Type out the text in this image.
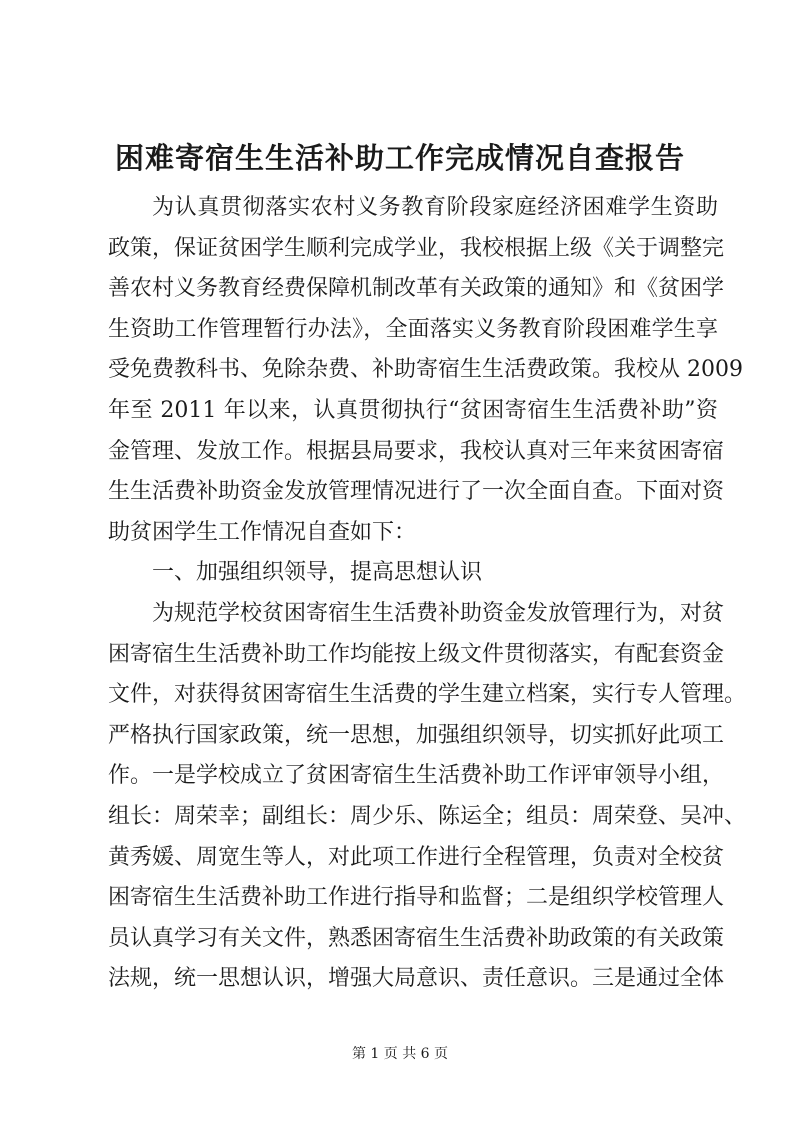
困难寄宿生生活补助工作完成情况自查报告
为认真贯彻落实农村义务教育阶段家庭经济困难学生资助
政策，保证贫困学生顺利完成学业，我校根据上级《关于调整完
善农村义务教育经费保障机制改革有关政策的通知》和《贫困学
生资助工作管理暂行办法》，全面落实义务教育阶段困难学生享
受免费教科书、免除杂费、补助寄宿生生活费政策。我校从 2009
年至 2011 年以来，认真贯彻执行“贫困寄宿生生活费补助”资
金管理、发放工作。根据县局要求，我校认真对三年来贫困寄宿
生生活费补助资金发放管理情况进行了一次全面自查。下面对资
助贫困学生工作情况自查如下：
一、加强组织领导，提高思想认识
为规范学校贫困寄宿生生活费补助资金发放管理行为，对贫
困寄宿生生活费补助工作均能按上级文件贯彻落实，有配套资金
文件，对获得贫困寄宿生生活费的学生建立档案，实行专人管理。
严格执行国家政策，统一思想，加强组织领导，切实抓好此项工
作。一是学校成立了贫困寄宿生生活费补助工作评审领导小组，
组长：周荣幸；副组长：周少乐、陈运全；组员：周荣登、吴冲、
黄秀媛、周宽生等人，对此项工作进行全程管理，负责对全校贫
困寄宿生生活费补助工作进行指导和监督；二是组织学校管理人
员认真学习有关文件，熟悉困寄宿生生活费补助政策的有关政策
法规，统一思想认识，增强大局意识、责任意识。三是通过全体
第 1 页 共 6 页
